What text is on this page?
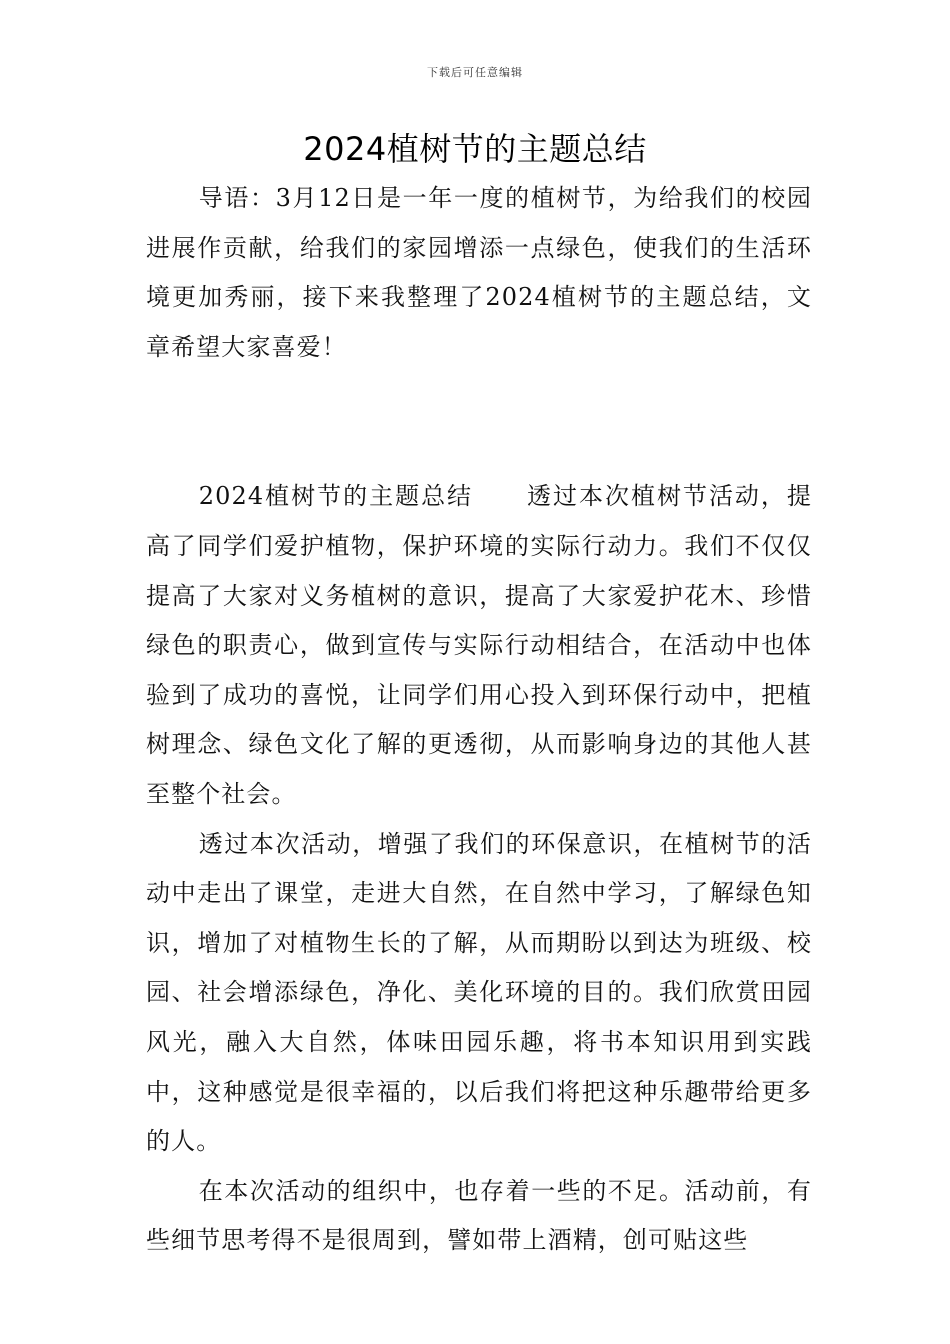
下载后可任意编辑
2024植树节的主题总结

导语：3月12日是一年一度的植树节，为给我们的校园进展作贡献，给我们的家园增添一点绿色，使我们的生活环境更加秀丽，接下来我整理了2024植树节的主题总结，文章希望大家喜爱！

2024植树节的主题总结 透过本次植树节活动，提高了同学们爱护植物，保护环境的实际行动力。我们不仅仅提高了大家对义务植树的意识，提高了大家爱护花木、珍惜绿色的职责心，做到宣传与实际行动相结合，在活动中也体验到了成功的喜悦，让同学们用心投入到环保行动中，把植树理念、绿色文化了解的更透彻，从而影响身边的其他人甚至整个社会。

透过本次活动，增强了我们的环保意识，在植树节的活动中走出了课堂，走进大自然，在自然中学习，了解绿色知识，增加了对植物生长的了解，从而期盼以到达为班级、校园、社会增添绿色，净化、美化环境的目的。我们欣赏田园风光，融入大自然，体味田园乐趣，将书本知识用到实践中，这种感觉是很幸福的，以后我们将把这种乐趣带给更多的人。

在本次活动的组织中，也存着一些的不足。活动前，有些细节思考得不是很周到，譬如带上酒精，创可贴这些
